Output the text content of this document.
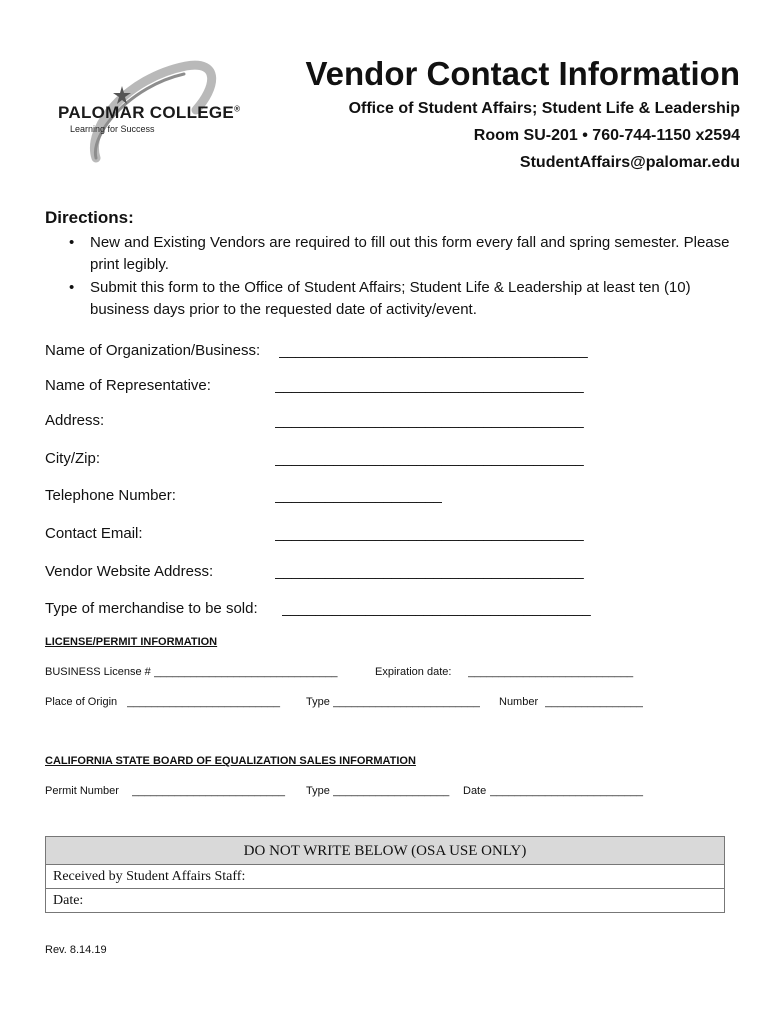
PALOMAR COLLEGE®
Learning for Success
Vendor Contact Information
Office of Student Affairs; Student Life & Leadership
Room SU-201 • 760-744-1150 x2594
StudentAffairs@palomar.edu
Directions:
• New and Existing Vendors are required to fill out this form every fall and spring semester. Please print legibly.
• Submit this form to the Office of Student Affairs; Student Life & Leadership at least ten (10) business days prior to the requested date of activity/event.
Name of Organization/Business: _____________________________________
Name of Representative:	_____________________________________
Address:	_____________________________________
City/Zip:	_____________________________________
Telephone Number:	____________________
Contact Email:	_____________________________________
Vendor Website Address:	_____________________________________
Type of merchandise to be sold: _____________________________________
LICENSE/PERMIT INFORMATION
BUSINESS License # ______________________________	Expiration date: ___________________________
Place of Origin _________________________	Type ________________________	Number ________________
CALIFORNIA STATE BOARD OF EQUALIZATION SALES INFORMATION
Permit Number _________________________	Type ___________________	Date _________________________
DO NOT WRITE BELOW (OSA USE ONLY)
Received by Student Affairs Staff:
Date:
Rev. 8.14.19
